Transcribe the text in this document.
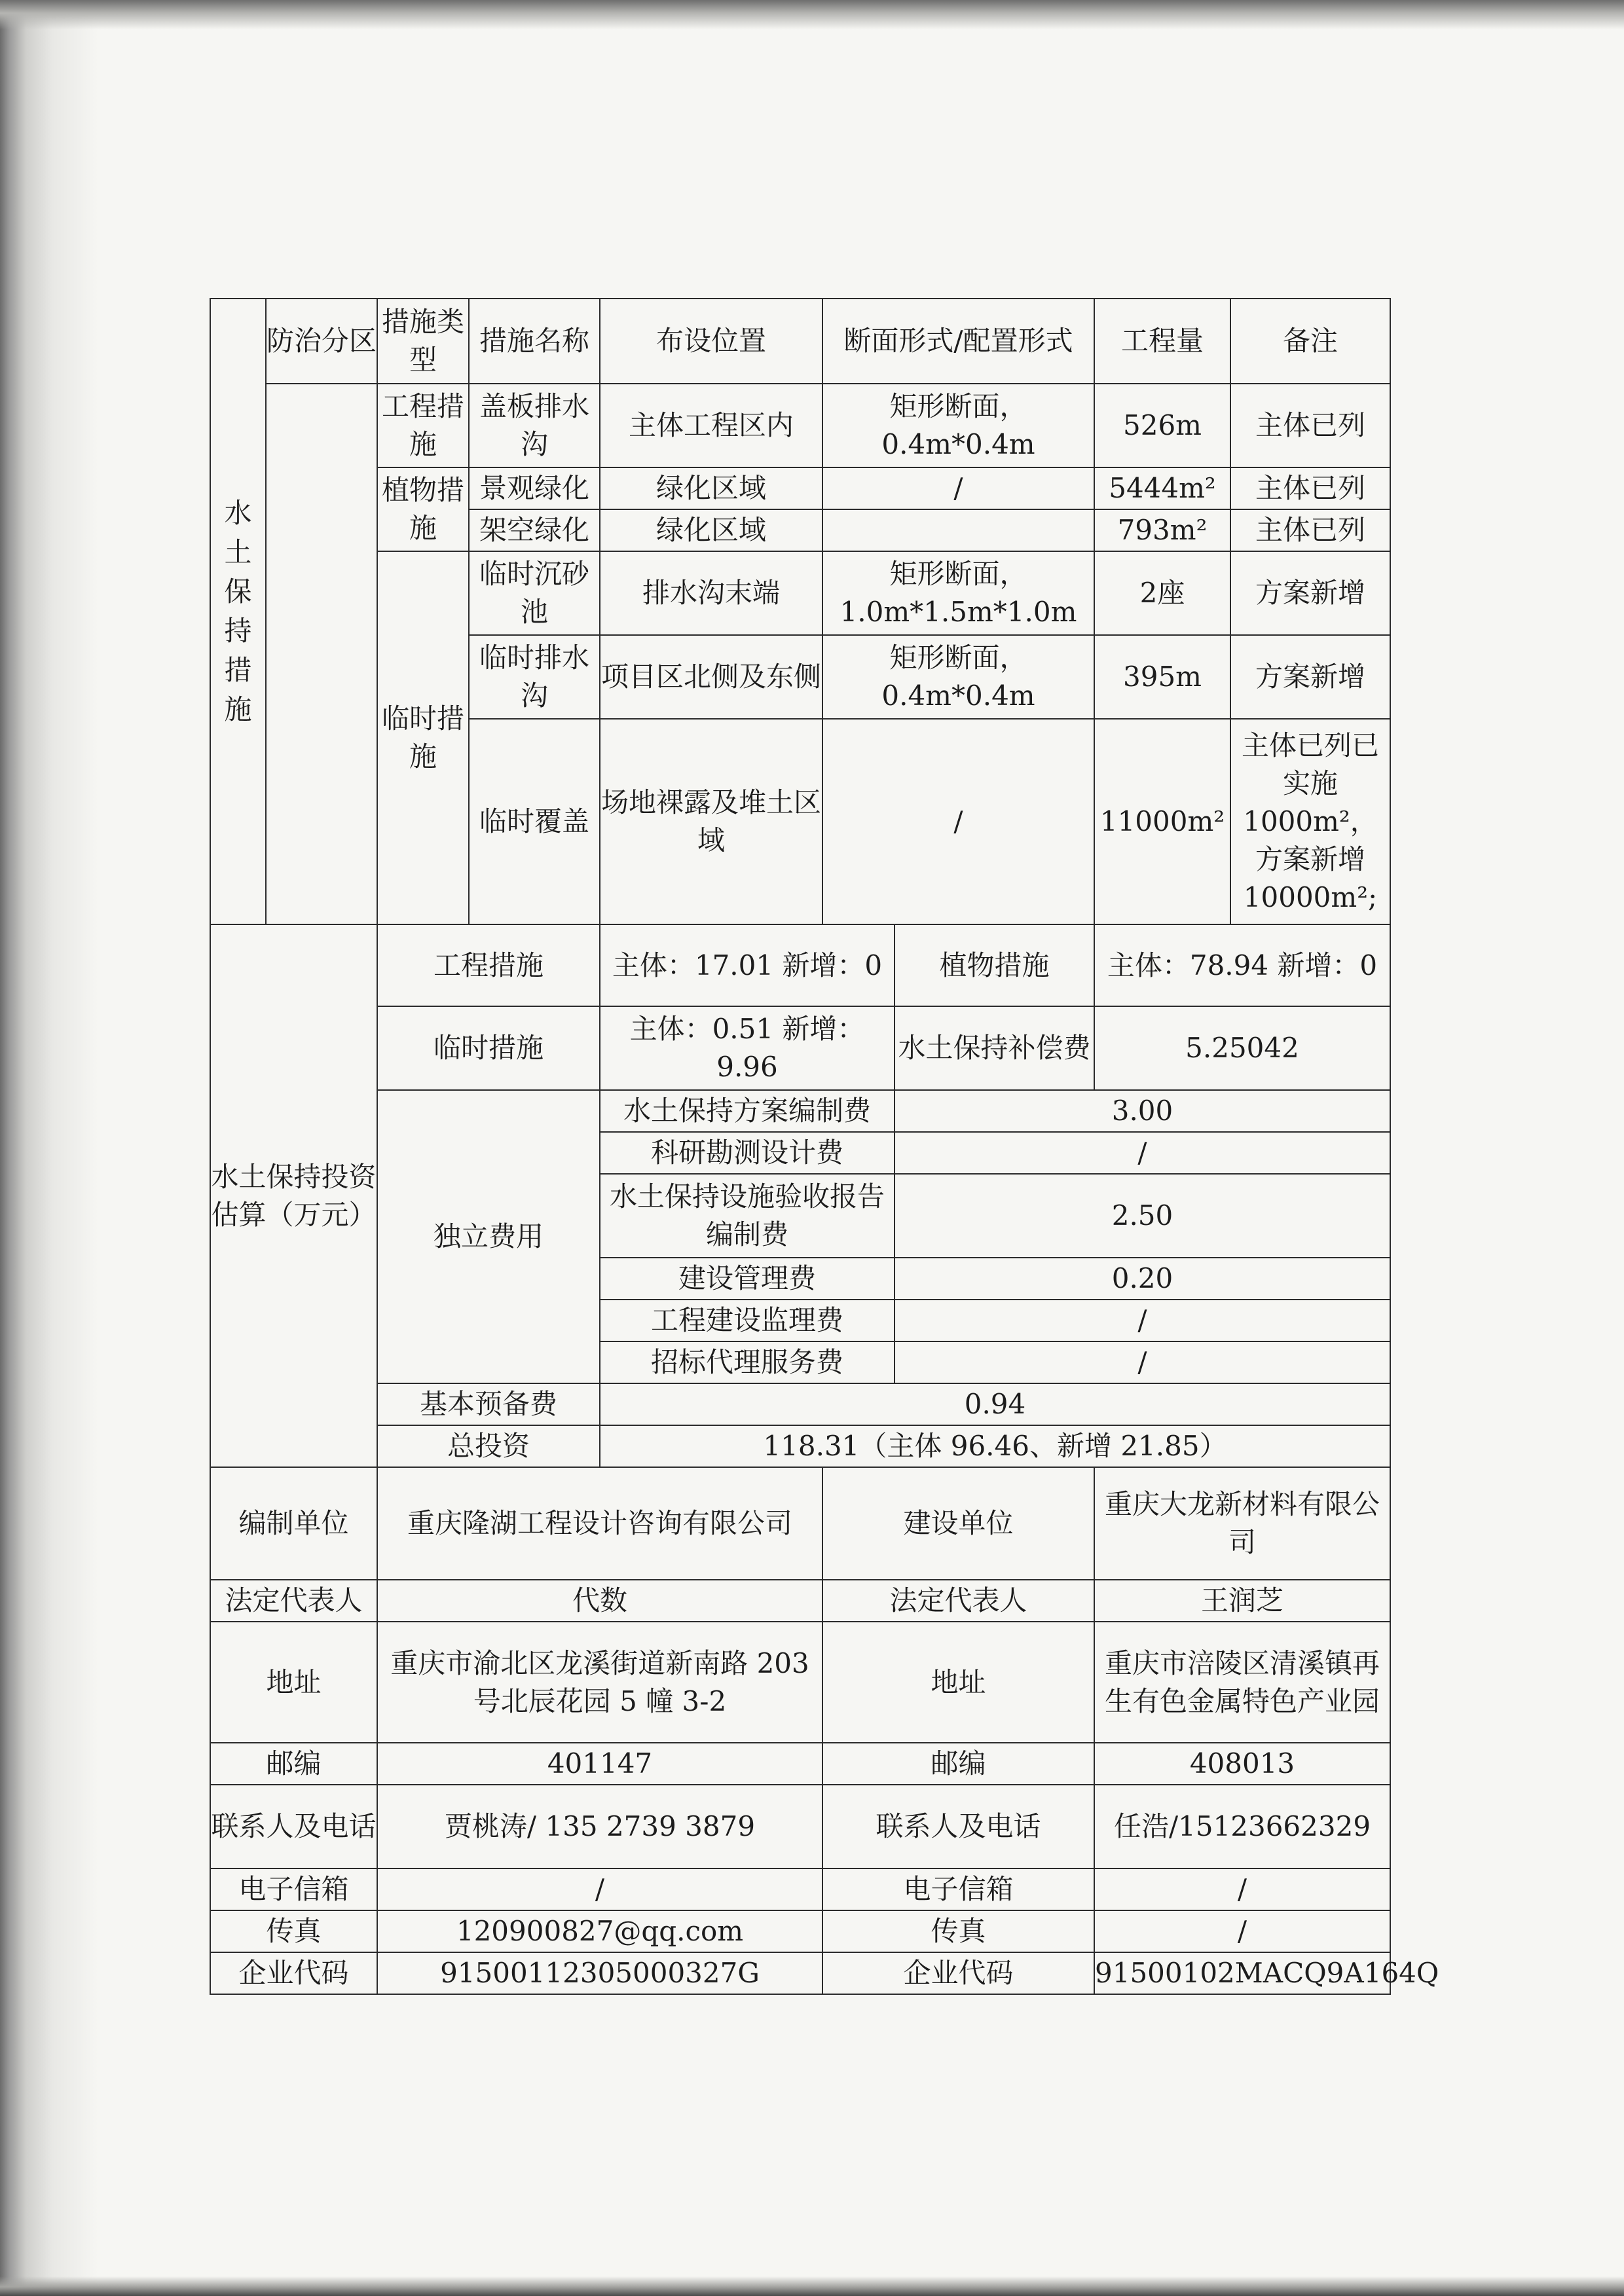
水土保持措施	防治分区	措施类型	措施名称	布设位置	断面形式/配置形式		工程量	备注
		工程措施	盖板排水沟	主体工程区内	矩形断面，0.4m*0.4m		526m	主体已列
		植物措施	景观绿化	绿化区域	/		5444m²	主体已列
			架空绿化	绿化区域			793m²	主体已列
		临时措施	临时沉砂池	排水沟末端	矩形断面，1.0m*1.5m*1.0m		2座	方案新增
			临时排水沟	项目区北侧及东侧	矩形断面，0.4m*0.4m		395m	方案新增
			临时覆盖	场地裸露及堆土区域	/		11000m²	主体已列已实施1000m²，方案新增10000m²;

水土保持投资估算（万元）		工程措施		主体：17.01 新增：0		植物措施	主体：78.94 新增：0	
		临时措施		主体：0.51 新增：9.96		水土保持补偿费	5.25042	
		独立费用		水土保持方案编制费		3.00		
				科研勘测设计费		/		
				水土保持设施验收报告编制费		2.50		
				建设管理费		0.20		
				工程建设监理费		/		
				招标代理服务费		/		
		基本预备费		0.94				
		总投资		118.31（主体 96.46、新增 21.85）				

编制单位		重庆隆湖工程设计咨询有限公司			建设单位		重庆大龙新材料有限公司	
法定代表人		代数			法定代表人		王润芝	
地址		重庆市渝北区龙溪街道新南路 203 号北辰花园 5 幢 3-2			地址		重庆市涪陵区清溪镇再生有色金属特色产业园	
邮编		401147			邮编		408013	
联系人及电话		贾桃涛/ 135 2739 3879			联系人及电话		任浩/15123662329	
电子信箱		/			电子信箱		/	
传真		120900827@qq.com			传真		/	
企业代码		91500112305000327G			企业代码		91500102MACQ9A164Q	
